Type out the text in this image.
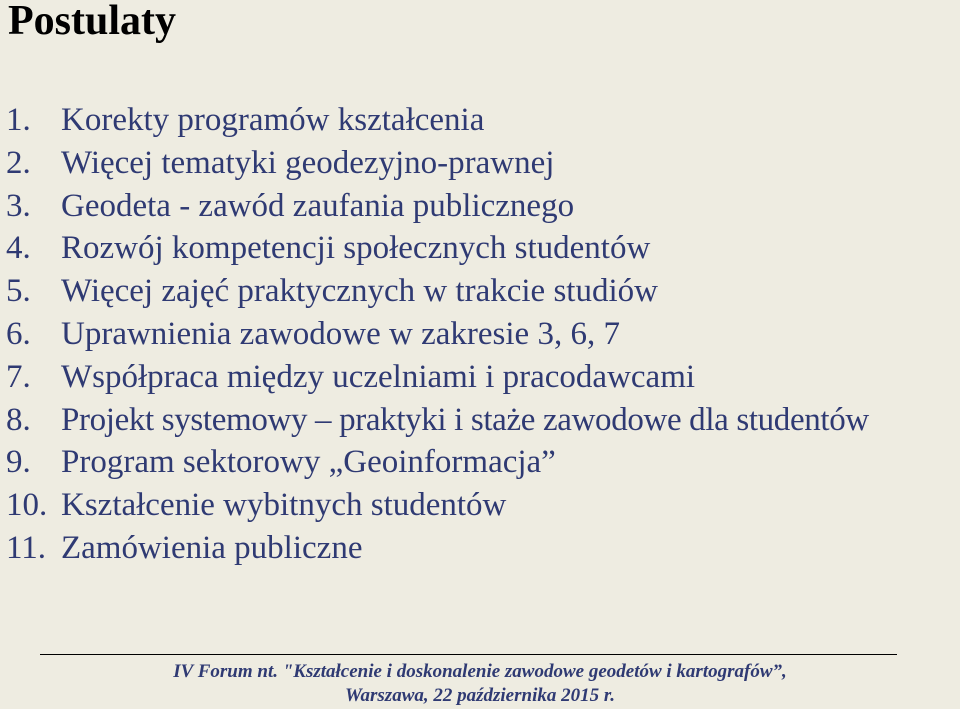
Postulaty
1. Korekty programów kształcenia
2. Więcej tematyki geodezyjno-prawnej
3. Geodeta - zawód zaufania publicznego
4. Rozwój kompetencji społecznych studentów
5. Więcej zajęć praktycznych w trakcie studiów
6. Uprawnienia zawodowe w zakresie 3, 6, 7
7. Współpraca między uczelniami i pracodawcami
8. Projekt systemowy – praktyki i staże zawodowe dla studentów
9. Program sektorowy „Geoinformacja”
10. Kształcenie wybitnych studentów
11. Zamówienia publiczne
IV Forum nt. "Kształcenie i doskonalenie zawodowe geodetów i kartografów”,
Warszawa, 22 października 2015 r.
